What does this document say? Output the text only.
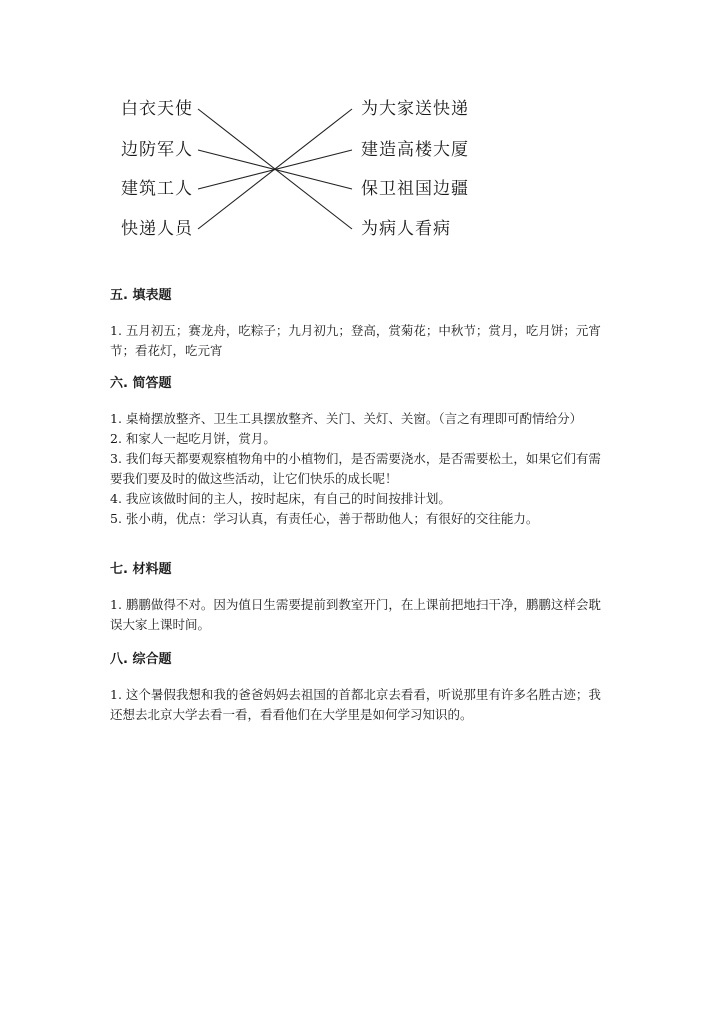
白衣天使
边防军人
建筑工人
快递人员
为大家送快递
建造高楼大厦
保卫祖国边疆
为病人看病
五. 填表题

1. 五月初五；赛龙舟，吃粽子；九月初九；登高，赏菊花；中秋节；赏月，吃月饼；元宵节；看花灯，吃元宵

六. 简答题

1. 桌椅摆放整齐、卫生工具摆放整齐、关门、关灯、关窗。（言之有理即可酌情给分）

2. 和家人一起吃月饼，赏月。

3. 我们每天都要观察植物角中的小植物们，是否需要浇水，是否需要松土，如果它们有需要我们要及时的做这些活动，让它们快乐的成长呢！

4. 我应该做时间的主人，按时起床，有自己的时间按排计划。

5. 张小萌，优点：学习认真，有责任心，善于帮助他人；有很好的交往能力。

七. 材料题

1. 鹏鹏做得不对。因为值日生需要提前到教室开门，在上课前把地扫干净，鹏鹏这样会耽误大家上课时间。

八. 综合题

1. 这个暑假我想和我的爸爸妈妈去祖国的首都北京去看看，听说那里有许多名胜古迹；我还想去北京大学去看一看，看看他们在大学里是如何学习知识的。
